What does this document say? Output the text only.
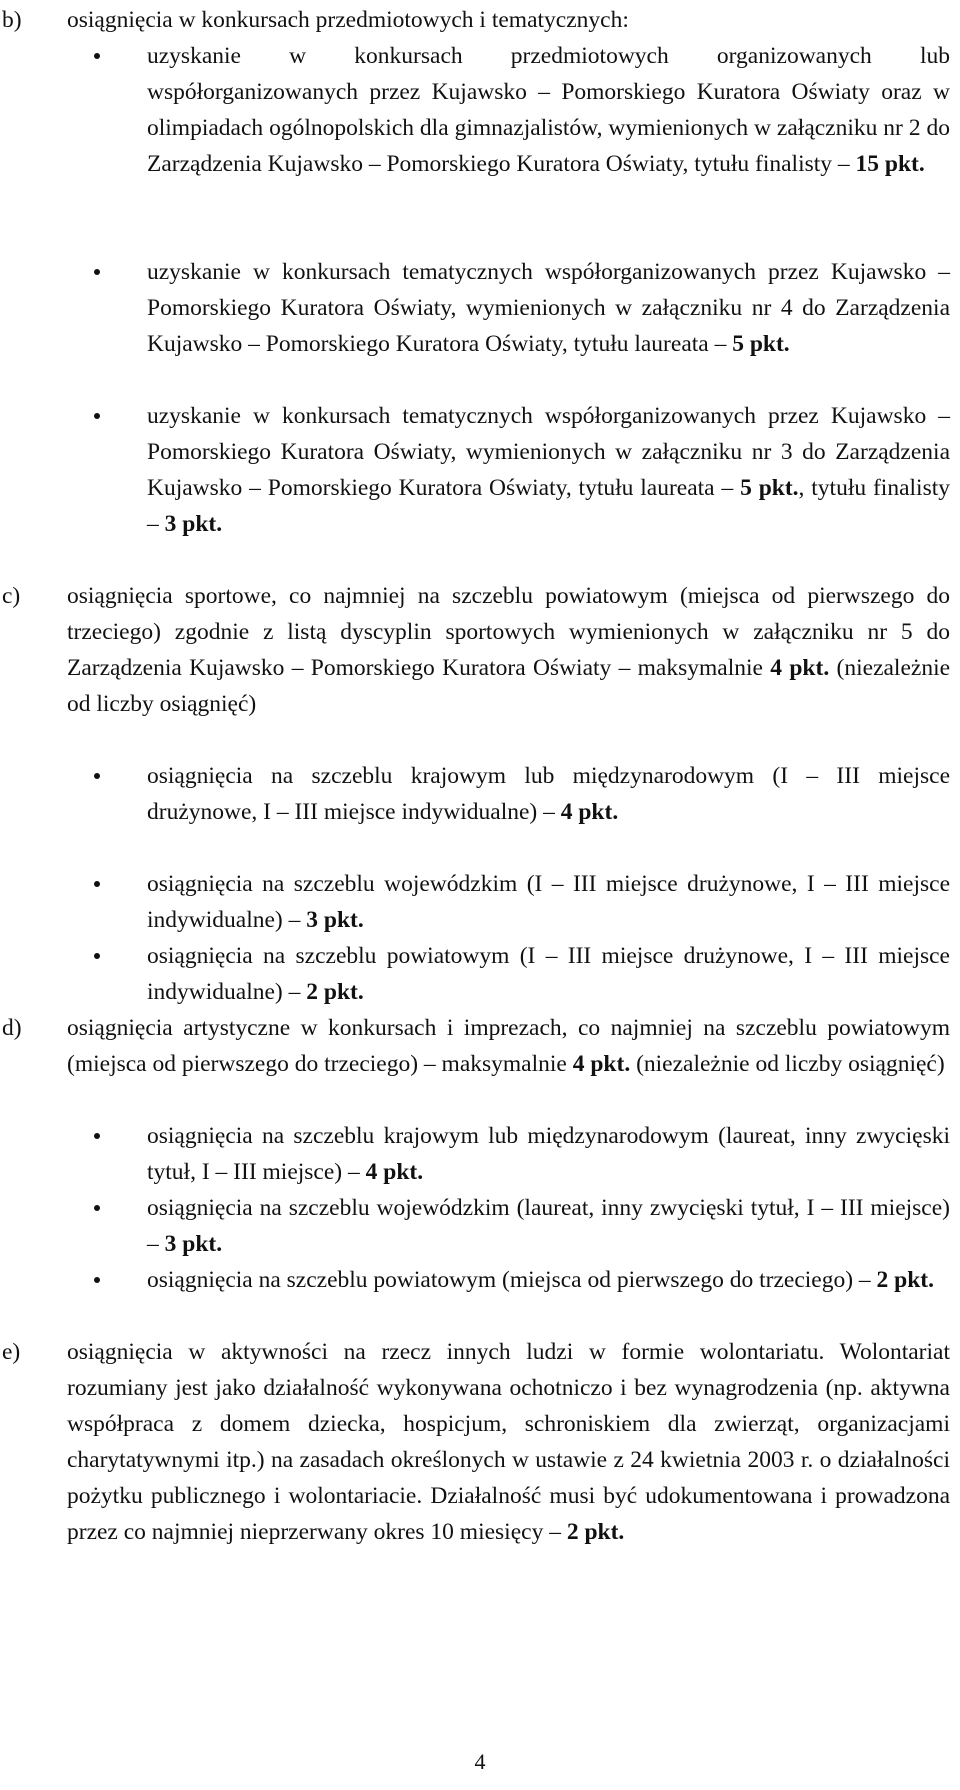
b) osiągnięcia w konkursach przedmiotowych i tematycznych:
uzyskanie w konkursach przedmiotowych organizowanych lub współorganizowanych przez Kujawsko – Pomorskiego Kuratora Oświaty oraz w olimpiadach ogólnopolskich dla gimnazjalistów, wymienionych w załączniku nr 2 do Zarządzenia Kujawsko – Pomorskiego Kuratora Oświaty, tytułu finalisty – 15 pkt.
uzyskanie w konkursach tematycznych współorganizowanych przez Kujawsko – Pomorskiego Kuratora Oświaty, wymienionych w załączniku nr 4 do Zarządzenia Kujawsko – Pomorskiego Kuratora Oświaty, tytułu laureata – 5 pkt.
uzyskanie w konkursach tematycznych współorganizowanych przez Kujawsko – Pomorskiego Kuratora Oświaty, wymienionych w załączniku nr 3 do Zarządzenia Kujawsko – Pomorskiego Kuratora Oświaty, tytułu laureata – 5 pkt., tytułu finalisty – 3 pkt.
c) osiągnięcia sportowe, co najmniej na szczeblu powiatowym (miejsca od pierwszego do trzeciego) zgodnie z listą dyscyplin sportowych wymienionych w załączniku nr 5 do Zarządzenia Kujawsko – Pomorskiego Kuratora Oświaty – maksymalnie 4 pkt. (niezależnie od liczby osiągnięć)
osiągnięcia na szczeblu krajowym lub międzynarodowym (I – III miejsce drużynowe, I – III miejsce indywidualne) – 4 pkt.
osiągnięcia na szczeblu wojewódzkim (I – III miejsce drużynowe, I – III miejsce indywidualne) – 3 pkt.
osiągnięcia na szczeblu powiatowym (I – III miejsce drużynowe, I – III miejsce indywidualne) – 2 pkt.
d) osiągnięcia artystyczne w konkursach i imprezach, co najmniej na szczeblu powiatowym (miejsca od pierwszego do trzeciego) – maksymalnie 4 pkt. (niezależnie od liczby osiągnięć)
osiągnięcia na szczeblu krajowym lub międzynarodowym (laureat, inny zwycięski tytuł, I – III miejsce) – 4 pkt.
osiągnięcia na szczeblu wojewódzkim (laureat, inny zwycięski tytuł, I – III miejsce) – 3 pkt.
osiągnięcia na szczeblu powiatowym (miejsca od pierwszego do trzeciego) – 2 pkt.
e) osiągnięcia w aktywności na rzecz innych ludzi w formie wolontariatu. Wolontariat rozumiany jest jako działalność wykonywana ochotniczo i bez wynagrodzenia (np. aktywna współpraca z domem dziecka, hospicjum, schroniskiem dla zwierząt, organizacjami charytatywnymi itp.) na zasadach określonych w ustawie z 24 kwietnia 2003 r. o działalności pożytku publicznego i wolontariacie. Działalność musi być udokumentowana i prowadzona przez co najmniej nieprzerwany okres 10 miesięcy – 2 pkt.
4
